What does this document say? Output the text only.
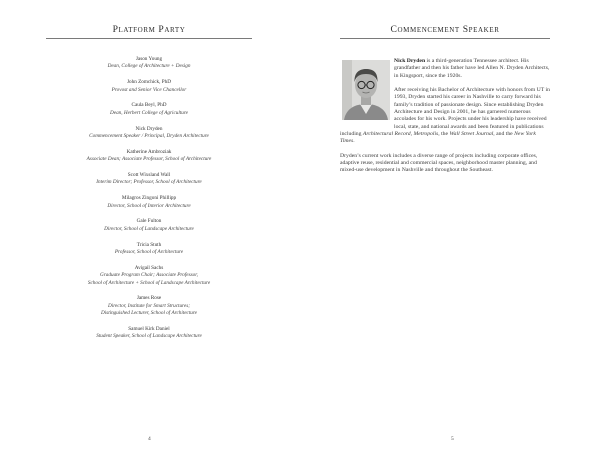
Platform Party
Jason Young
Dean, College of Architecture + Design
John Zomchick, PhD
Provost and Senior Vice Chancellor
Caula Beyl, PhD
Dean, Herbert College of Agriculture
Nick Dryden
Commencement Speaker / Principal, Dryden Architecture
Katherine Ambroziak
Associate Dean; Associate Professor, School of Architecture
Scott Wixsland Wall
Interim Director; Professor, School of Architecture
Milagros Zingoni Phillipp
Director, School of Interior Architecture
Gale Fulton
Director, School of Landscape Architecture
Tricia Stuth
Professor, School of Architecture
Avigail Sachs
Graduate Program Chair; Associate Professor,
School of Architecture + School of Landscape Architecture
James Rose
Director, Institute for Smart Structures;
Distinguished Lecturer, School of Architecture
Samuel Kirk Daniel
Student Speaker, School of Landscape Architecture
4
Commencement Speaker

Nick Dryden is a third-generation Tennessee architect. His grandfather and then his father have led Allen N. Dryden Architects, in Kingsport, since the 1920s.

After receiving his Bachelor of Architecture with honors from UT in 1993, Dryden started his career in Nashville to carry forward his family’s tradition of passionate design. Since establishing Dryden Architecture and Design in 2001, he has garnered numerous accolades for his work. Projects under his leadership have received local, state, and national awards and been featured in publications including Architectural Record, Metropolis, the Wall Street Journal, and the New York Times.

Dryden’s current work includes a diverse range of projects including corporate offices, adaptive reuse, residential and commercial spaces, neighborhood master planning, and mixed-use development in Nashville and throughout the Southeast.

5
